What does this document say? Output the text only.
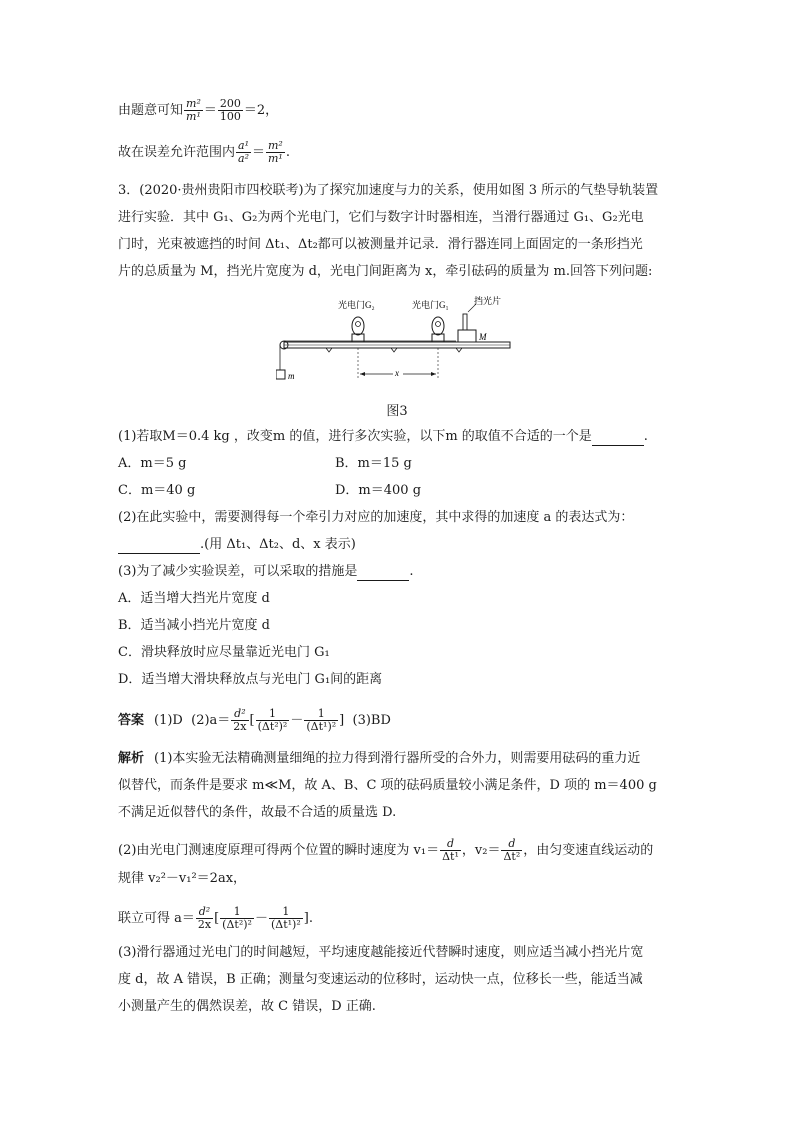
由题意可知 $\frac{\text{m²}}{\text{m¹}} = \frac{200}{100} =2$，
故在误差允许范围内 $\frac{\text{a¹}}{\text{a²}} = \frac{\text{m²}}{\text{m¹}}$ .
3．(2020·贵州贵阳市四校联考)为了探究加速度与力的关系，使用如图 3 所示的气垫导轨装置
进行实验．其中 G₁、G₂为两个光电门，它们与数字计时器相连，当滑行器通过 G₁、G₂光电
门时，光束被遮挡的时间 Δt₁、Δt₂都可以被测量并记录．滑行器连同上面固定的一条形挡光
片的总质量为 M，挡光片宽度为 d，光电门间距离为 x，牵引砝码的质量为 m.回答下列问题:
m
光电门G₂	光电门G₁
x
M
挡光片
图3
(1)若取M＝0.4 kg ，改变m 的值，进行多次实验，以下m 的取值不合适的一个是	.
A．m＝5 g	B．m＝15 g
C．m＝40 g	D．m＝400 g
(2)在此实验中，需要测得每一个牵引力对应的加速度，其中求得的加速度 a 的表达式为：
.(用 Δt₁、Δt₂、d、x 表示)
(3)为了减少实验误差，可以采取的措施是	.
A．适当增大挡光片宽度 d
B．适当减小挡光片宽度 d
C．滑块释放时应尽量靠近光电门 G₁
D．适当增大滑块释放点与光电门 G₁间的距离
答案 (1)D $(2)a= \frac{\text{d²}}{2x}$ [ $\frac{1}{\text{(Δt²)²}} - \frac{1}{\text{(Δt¹)²}}$ ] (3)BD
解析 (1)本实验无法精确测量细绳的拉力得到滑行器所受的合外力，则需要用砝码的重力近
似替代，而条件是要求 m≪M，故 A、B、C 项的砝码质量较小满足条件，D 项的 m＝400 g
不满足近似替代的条件，故最不合适的质量选 D.
(2)由光电门测速度原理可得两个位置的瞬时速度为 $v_1= \frac{d}{\text{Δt¹}}$ ，$v_2= \frac{d}{\text{Δt²}}$ ，由匀变速直线运动的
规律 v₂²－v₁²＝2ax，
联立可得 $a= \frac{\text{d²}}{2x}$ [ $\frac{1}{\text{(Δt²)²}} - \frac{1}{\text{(Δt¹)²}}$ ].
(3)滑行器通过光电门的时间越短，平均速度越能接近代替瞬时速度，则应适当减小挡光片宽
度 d，故 A 错误，B 正确；测量匀变速运动的位移时，运动快一点，位移长一些，能适当减
小测量产生的偶然误差，故 C 错误，D 正确.
